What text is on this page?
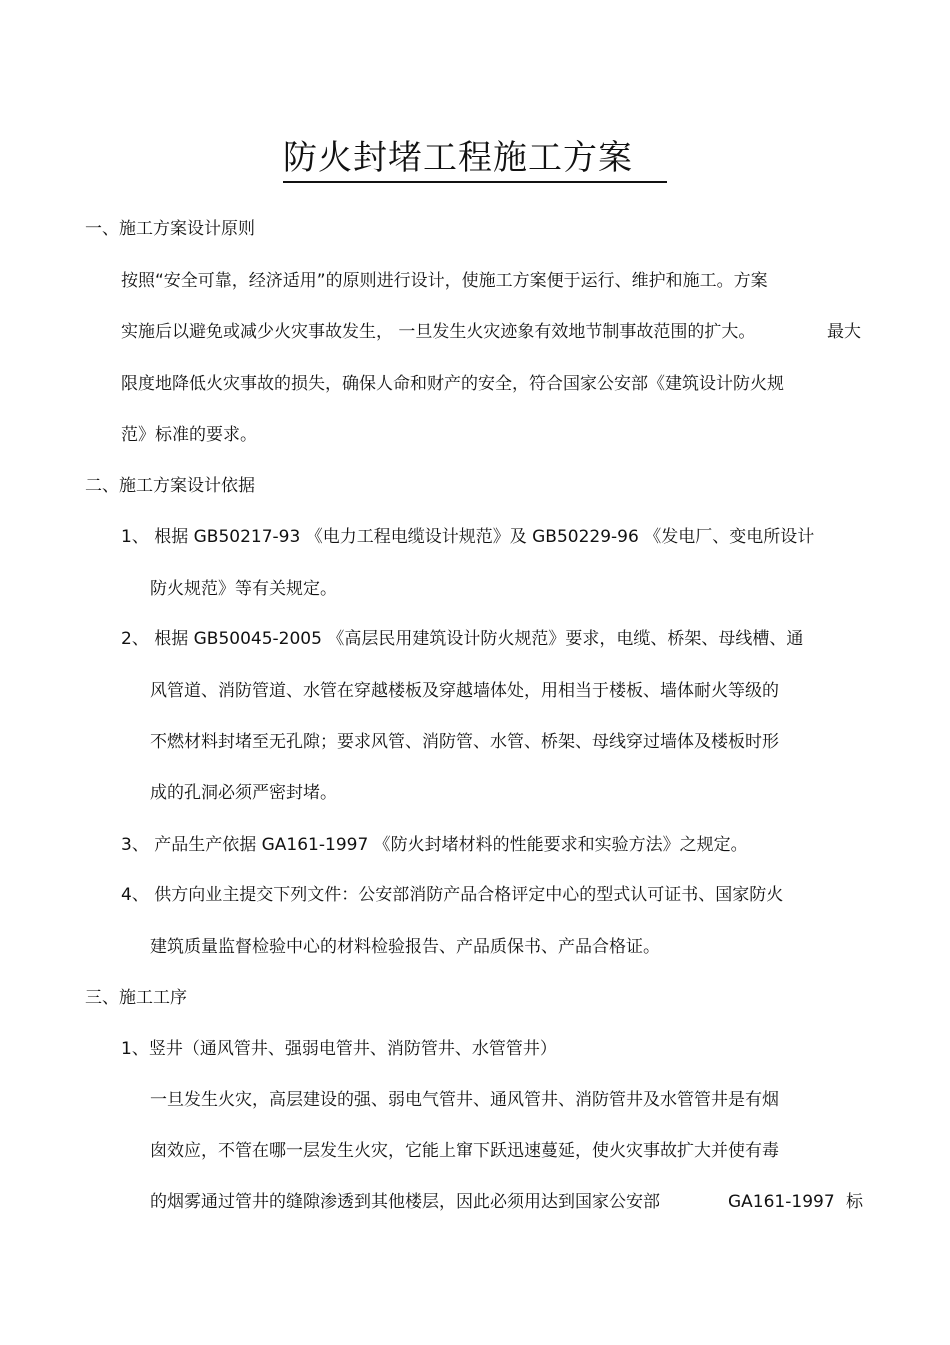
防火封堵工程施工方案
一、施工方案设计原则
按照“安全可靠，经济适用”的原则进行设计，使施工方案便于运行、维护和施工。方案
实施后以避免或减少火灾事故发生， 一旦发生火灾迹象有效地节制事故范围的扩大。	最大
限度地降低火灾事故的损失，确保人命和财产的安全，符合国家公安部《建筑设计防火规
范》标准的要求。
二、施工方案设计依据
1、 根据 GB50217-93 《电力工程电缆设计规范》及 GB50229-96 《发电厂、变电所设计
防火规范》等有关规定。
2、 根据 GB50045-2005 《高层民用建筑设计防火规范》要求，电缆、桥架、母线槽、通
风管道、消防管道、水管在穿越楼板及穿越墙体处，用相当于楼板、墙体耐火等级的
不燃材料封堵至无孔隙；要求风管、消防管、水管、桥架、母线穿过墙体及楼板时形
成的孔洞必须严密封堵。
3、 产品生产依据 GA161-1997 《防火封堵材料的性能要求和实验方法》之规定。
4、 供方向业主提交下列文件：公安部消防产品合格评定中心的型式认可证书、国家防火
建筑质量监督检验中心的材料检验报告、产品质保书、产品合格证。
三、施工工序
1、竖井（通风管井、强弱电管井、消防管井、水管管井）
一旦发生火灾，高层建设的强、弱电气管井、通风管井、消防管井及水管管井是有烟
囱效应，不管在哪一层发生火灾，它能上窜下跃迅速蔓延，使火灾事故扩大并使有毒
的烟雾通过管井的缝隙渗透到其他楼层，因此必须用达到国家公安部	GA161-1997 标
